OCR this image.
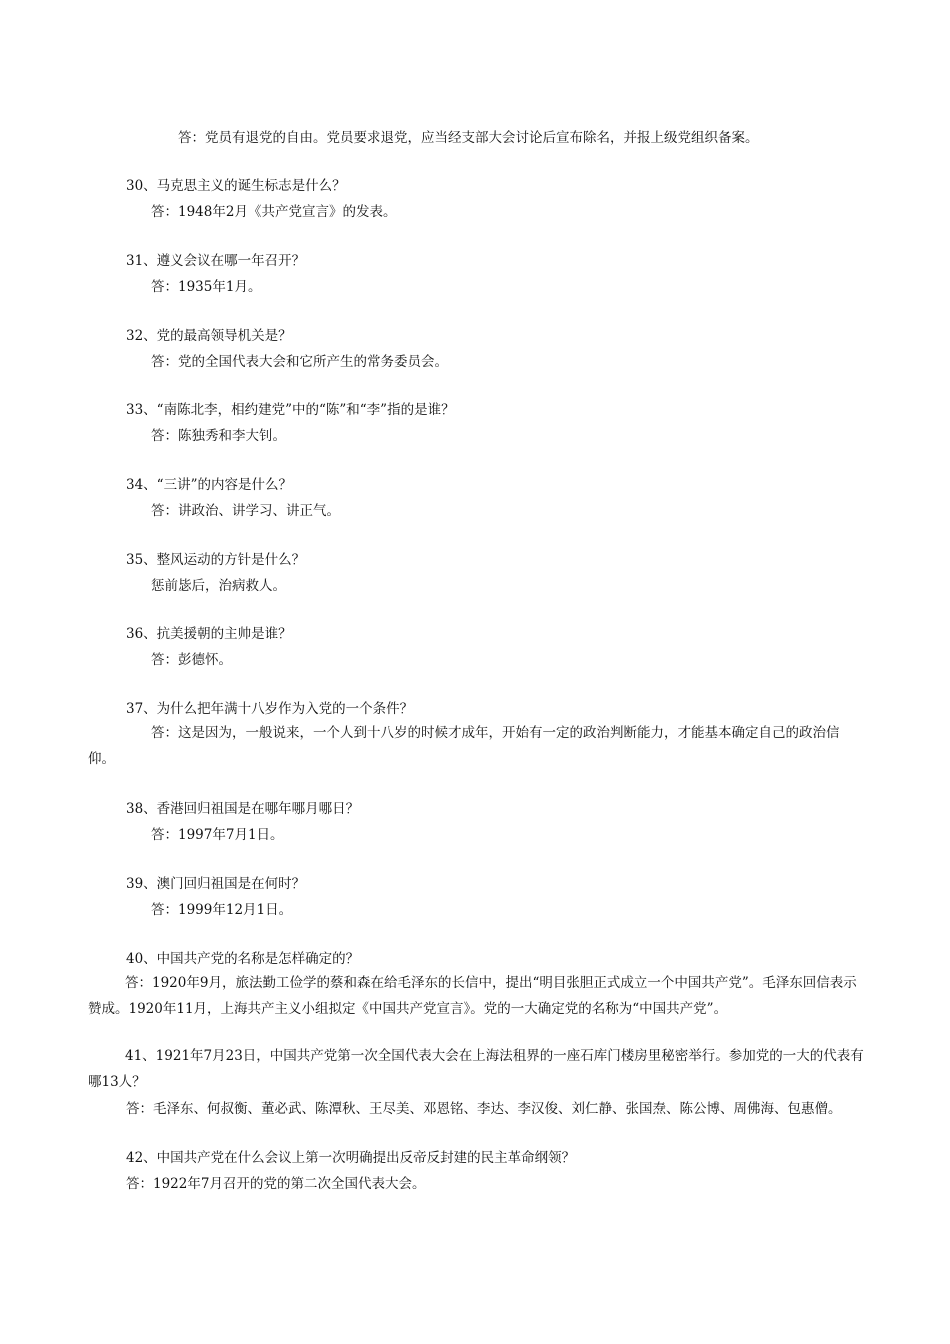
答：党员有退党的自由。党员要求退党，应当经支部大会讨论后宣布除名，并报上级党组织备案。
30、马克思主义的诞生标志是什么？
答：1948年2月《共产党宣言》的发表。
31、遵义会议在哪一年召开？
答：1935年1月。
32、党的最高领导机关是？
答：党的全国代表大会和它所产生的常务委员会。
33、“南陈北李，相约建党”中的“陈”和“李”指的是谁？
答：陈独秀和李大钊。
34、“三讲”的内容是什么？
答：讲政治、讲学习、讲正气。
35、整风运动的方针是什么？
惩前毖后，治病救人。
36、抗美援朝的主帅是谁？
答：彭德怀。
37、为什么把年满十八岁作为入党的一个条件？
答：这是因为，一般说来，一个人到十八岁的时候才成年，开始有一定的政治判断能力，才能基本确定自己的政治信仰。
38、香港回归祖国是在哪年哪月哪日？
答：1997年7月1日。
39、澳门回归祖国是在何时？
答：1999年12月1日。
40、中国共产党的名称是怎样确定的？
答：1920年9月，旅法勤工俭学的蔡和森在给毛泽东的长信中，提出“明目张胆正式成立一个中国共产党”。毛泽东回信表示赞成。1920年11月，上海共产主义小组拟定《中国共产党宣言》。党的一大确定党的名称为“中国共产党”。
41、1921年7月23日，中国共产党第一次全国代表大会在上海法租界的一座石库门楼房里秘密举行。参加党的一大的代表有哪13人？
答：毛泽东、何叔衡、董必武、陈潭秋、王尽美、邓恩铭、李达、李汉俊、刘仁静、张国焘、陈公博、周佛海、包惠僧。
42、中国共产党在什么会议上第一次明确提出反帝反封建的民主革命纲领？
答：1922年7月召开的党的第二次全国代表大会。
